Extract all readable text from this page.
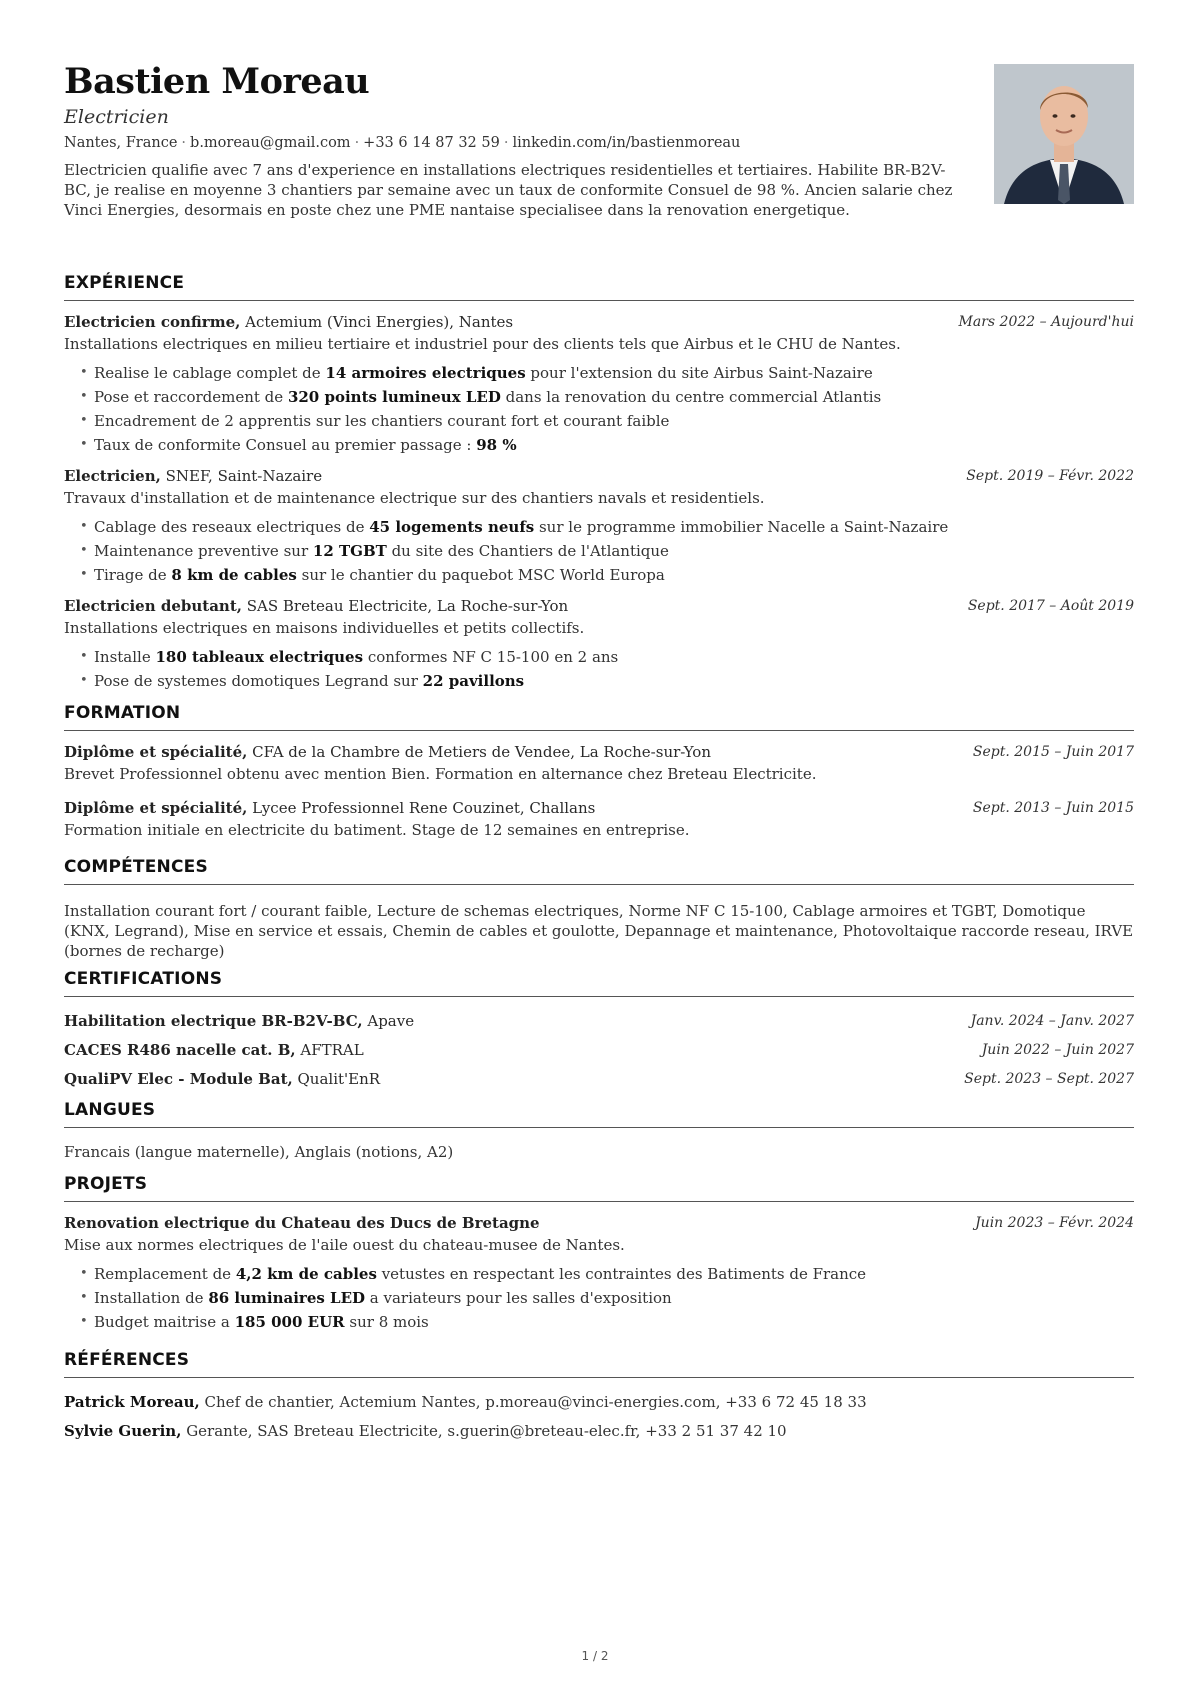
Bastien Moreau
Electricien
Nantes, France · b.moreau@gmail.com · +33 6 14 87 32 59 · linkedin.com/in/bastienmoreau
Electricien qualifie avec 7 ans d'experience en installations electriques residentielles et tertiaires. Habilite BR-B2V-BC, je realise en moyenne 3 chantiers par semaine avec un taux de conformite Consuel de 98 %. Ancien salarie chez Vinci Energies, desormais en poste chez une PME nantaise specialisee dans la renovation energetique.
EXPÉRIENCE
Electricien confirme, Actemium (Vinci Energies), Nantes	Mars 2022 – Aujourd'hui
Installations electriques en milieu tertiaire et industriel pour des clients tels que Airbus et le CHU de Nantes.
• Realise le cablage complet de 14 armoires electriques pour l'extension du site Airbus Saint-Nazaire
• Pose et raccordement de 320 points lumineux LED dans la renovation du centre commercial Atlantis
• Encadrement de 2 apprentis sur les chantiers courant fort et courant faible
• Taux de conformite Consuel au premier passage : 98 %
Electricien, SNEF, Saint-Nazaire	Sept. 2019 – Févr. 2022
Travaux d'installation et de maintenance electrique sur des chantiers navals et residentiels.
• Cablage des reseaux electriques de 45 logements neufs sur le programme immobilier Nacelle a Saint-Nazaire
• Maintenance preventive sur 12 TGBT du site des Chantiers de l'Atlantique
• Tirage de 8 km de cables sur le chantier du paquebot MSC World Europa
Electricien debutant, SAS Breteau Electricite, La Roche-sur-Yon	Sept. 2017 – Août 2019
Installations electriques en maisons individuelles et petits collectifs.
• Installe 180 tableaux electriques conformes NF C 15-100 en 2 ans
• Pose de systemes domotiques Legrand sur 22 pavillons
FORMATION
Diplôme et spécialité, CFA de la Chambre de Metiers de Vendee, La Roche-sur-Yon	Sept. 2015 – Juin 2017
Brevet Professionnel obtenu avec mention Bien. Formation en alternance chez Breteau Electricite.
Diplôme et spécialité, Lycee Professionnel Rene Couzinet, Challans	Sept. 2013 – Juin 2015
Formation initiale en electricite du batiment. Stage de 12 semaines en entreprise.
COMPÉTENCES
Installation courant fort / courant faible, Lecture de schemas electriques, Norme NF C 15-100, Cablage armoires et TGBT, Domotique (KNX, Legrand), Mise en service et essais, Chemin de cables et goulotte, Depannage et maintenance, Photovoltaique raccorde reseau, IRVE (bornes de recharge)
CERTIFICATIONS
Habilitation electrique BR-B2V-BC, Apave	Janv. 2024 – Janv. 2027
CACES R486 nacelle cat. B, AFTRAL	Juin 2022 – Juin 2027
QualiPV Elec - Module Bat, Qualit'EnR	Sept. 2023 – Sept. 2027
LANGUES
Francais (langue maternelle), Anglais (notions, A2)
PROJETS
Renovation electrique du Chateau des Ducs de Bretagne	Juin 2023 – Févr. 2024
Mise aux normes electriques de l'aile ouest du chateau-musee de Nantes.
• Remplacement de 4,2 km de cables vetustes en respectant les contraintes des Batiments de France
• Installation de 86 luminaires LED a variateurs pour les salles d'exposition
• Budget maitrise a 185 000 EUR sur 8 mois
RÉFÉRENCES
Patrick Moreau, Chef de chantier, Actemium Nantes, p.moreau@vinci-energies.com, +33 6 72 45 18 33
Sylvie Guerin, Gerante, SAS Breteau Electricite, s.guerin@breteau-elec.fr, +33 2 51 37 42 10
1 / 2
